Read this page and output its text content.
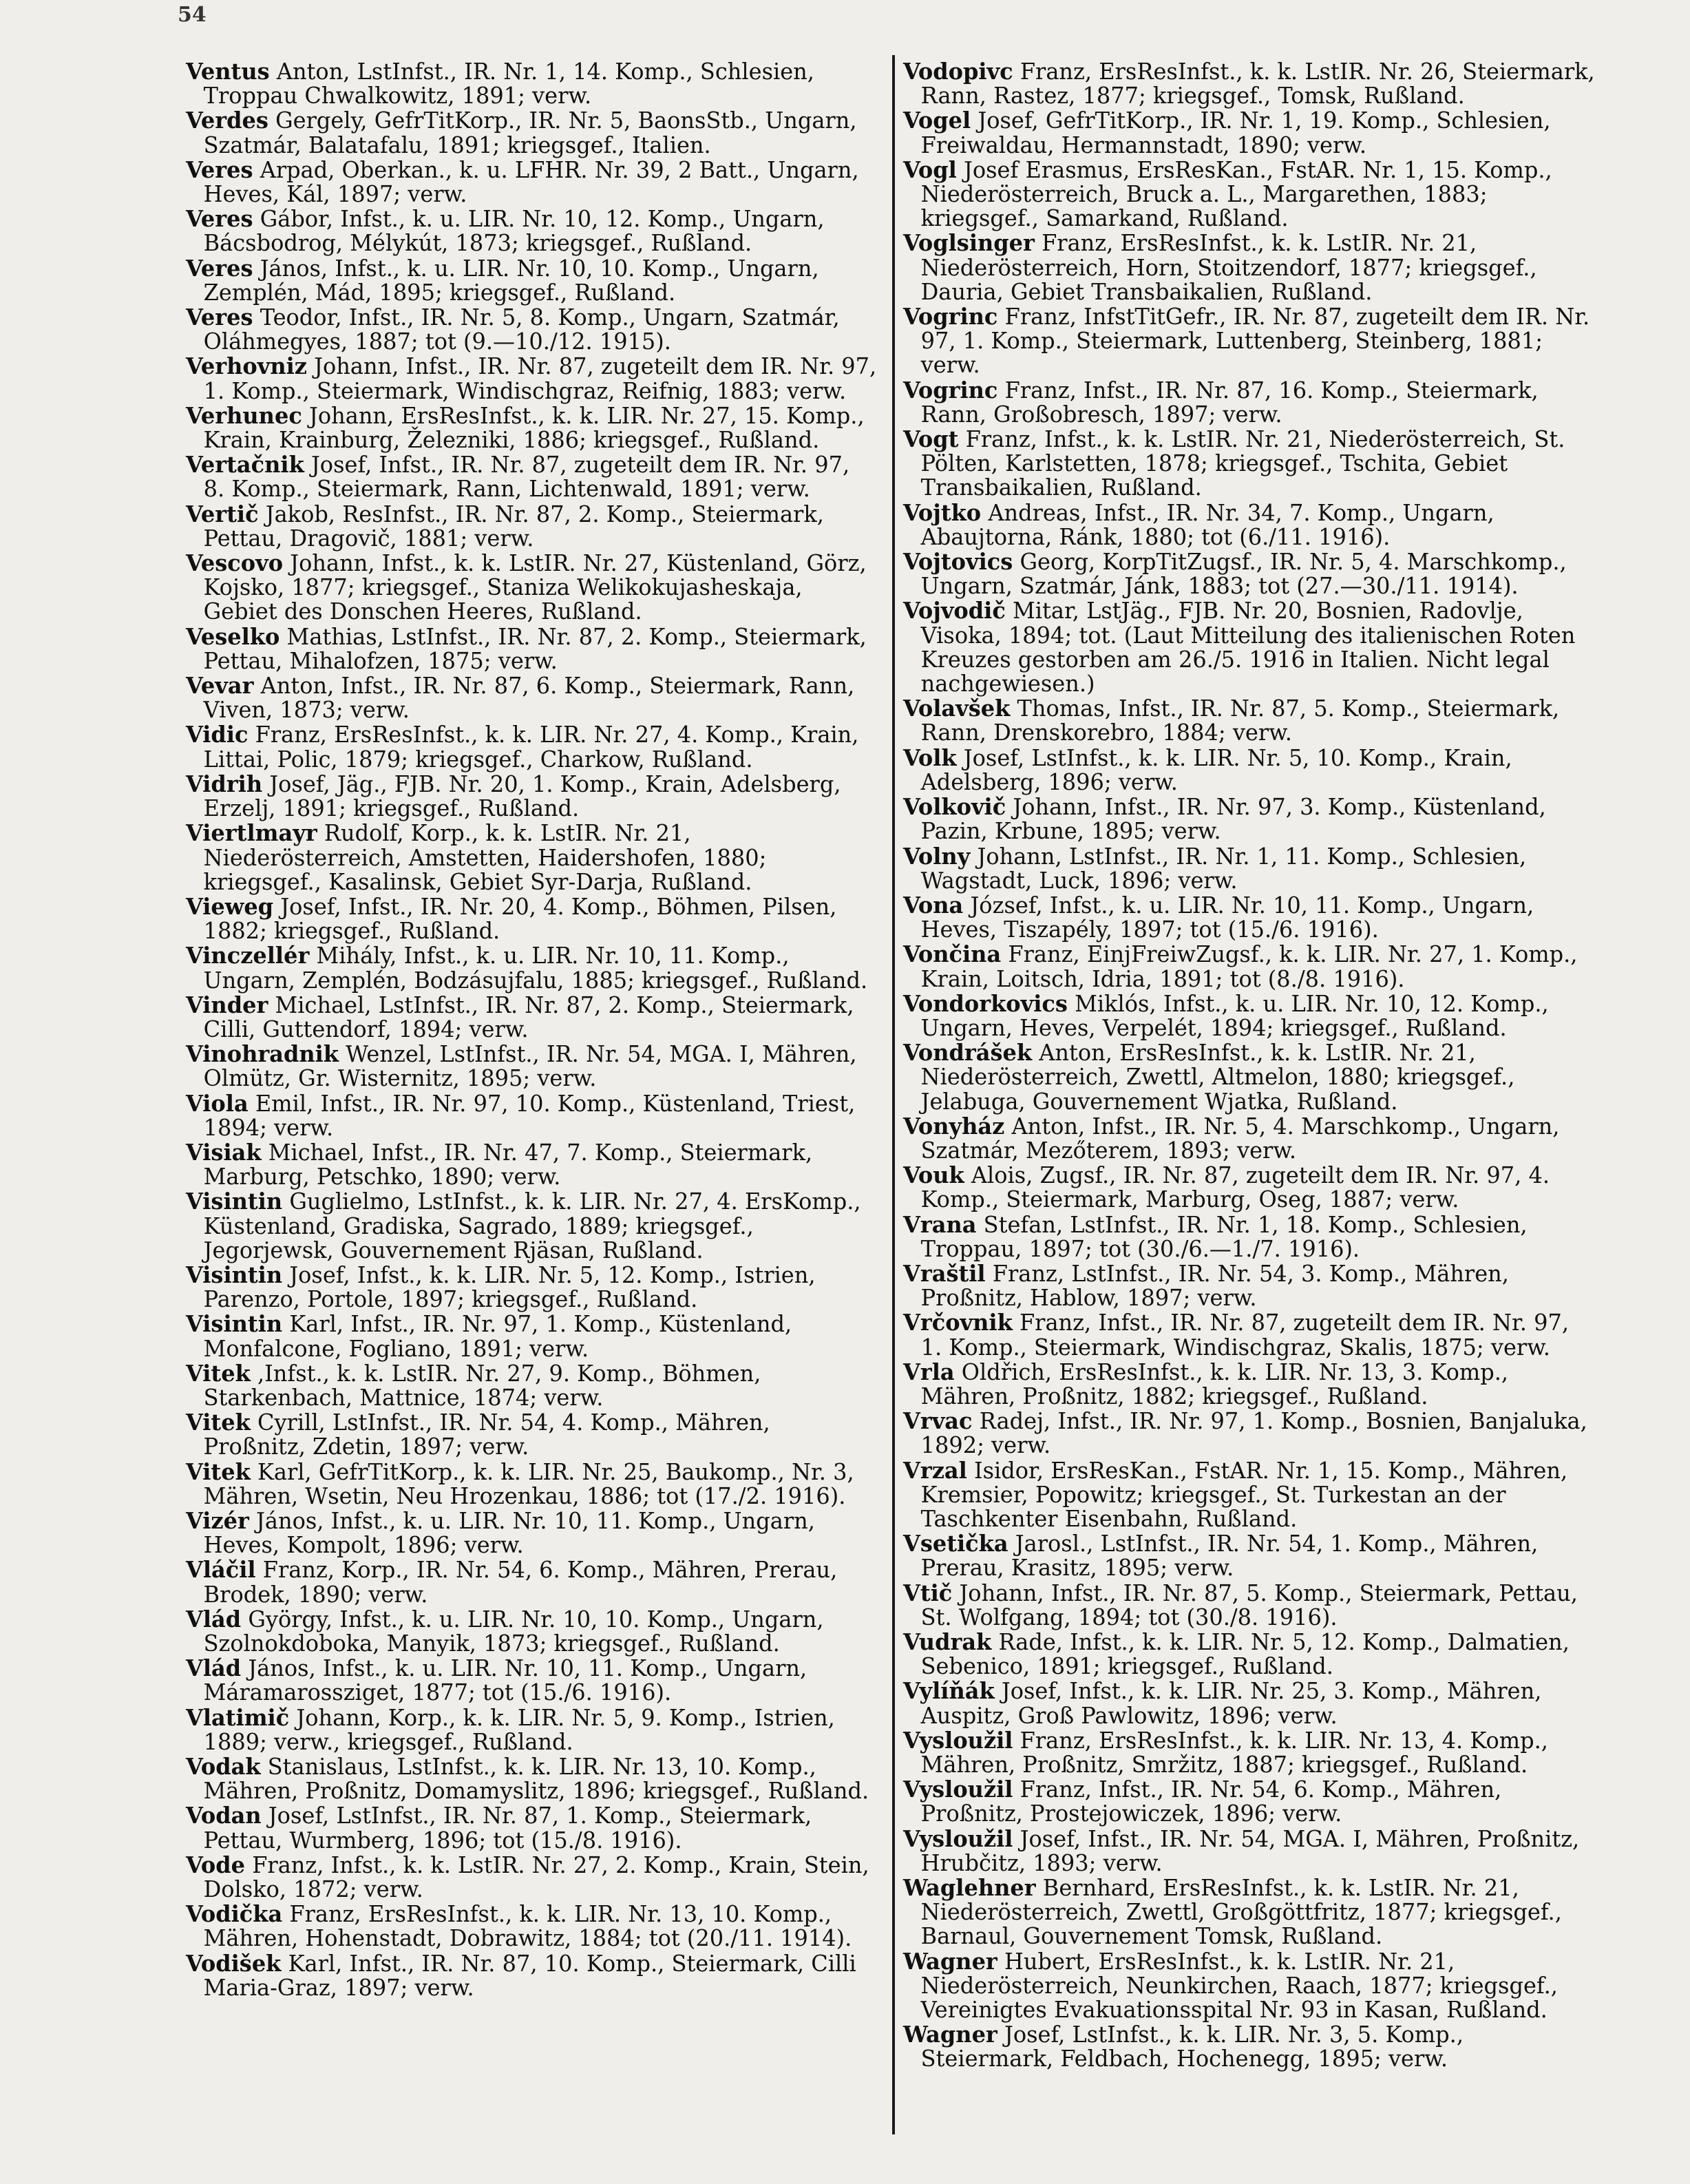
54

Ventus Anton, LstInfst., IR. Nr. 1, 14. Komp., Schlesien, Troppau Chwalkowitz, 1891; verw.

Verdes Gergely, GefrTitKorp., IR. Nr. 5, BaonsStb., Ungarn, Szatmár, Balatafalu, 1891; kriegsgef., Italien.

Veres Arpad, Oberkan., k. u. LFHR. Nr. 39, 2 Batt., Ungarn, Heves, Kál, 1897; verw.

Veres Gábor, Infst., k. u. LIR. Nr. 10, 12. Komp., Ungarn, Bácsbodrog, Mélykút, 1873; kriegsgef., Rußland.

Veres János, Infst., k. u. LIR. Nr. 10, 10. Komp., Ungarn, Zemplén, Mád, 1895; kriegsgef., Rußland.

Veres Teodor, Infst., IR. Nr. 5, 8. Komp., Ungarn, Szatmár, Oláhmegyes, 1887; tot (9.—10./12. 1915).

Verhovniz Johann, Infst., IR. Nr. 87, zugeteilt dem IR. Nr. 97, 1. Komp., Steiermark, Windischgraz, Reifnig, 1883; verw.

Verhunec Johann, ErsResInfst., k. k. LIR. Nr. 27, 15. Komp., Krain, Krainburg, Železniki, 1886; kriegsgef., Rußland.

Vertačnik Josef, Infst., IR. Nr. 87, zugeteilt dem IR. Nr. 97, 8. Komp., Steiermark, Rann, Lichtenwald, 1891; verw.

Vertič Jakob, ResInfst., IR. Nr. 87, 2. Komp., Steiermark, Pettau, Dragovič, 1881; verw.

Vescovo Johann, Infst., k. k. LstIR. Nr. 27, Küstenland, Görz, Kojsko, 1877; kriegsgef., Staniza Welikokujasheskaja, Gebiet des Donschen Heeres, Rußland.

Veselko Mathias, LstInfst., IR. Nr. 87, 2. Komp., Steiermark, Pettau, Mihalofzen, 1875; verw.

Vevar Anton, Infst., IR. Nr. 87, 6. Komp., Steiermark, Rann, Viven, 1873; verw.

Vidic Franz, ErsResInfst., k. k. LIR. Nr. 27, 4. Komp., Krain, Littai, Polic, 1879; kriegsgef., Charkow, Rußland.

Vidrih Josef, Jäg., FJB. Nr. 20, 1. Komp., Krain, Adelsberg, Erzelj, 1891; kriegsgef., Rußland.

Viertlmayr Rudolf, Korp., k. k. LstIR. Nr. 21, Niederösterreich, Amstetten, Haidershofen, 1880; kriegsgef., Kasalinsk, Gebiet Syr-Darja, Rußland.

Vieweg Josef, Infst., IR. Nr. 20, 4. Komp., Böhmen, Pilsen, 1882; kriegsgef., Rußland.

Vinczellér Mihály, Infst., k. u. LIR. Nr. 10, 11. Komp., Ungarn, Zemplén, Bodzásujfalu, 1885; kriegsgef., Rußland.

Vinder Michael, LstInfst., IR. Nr. 87, 2. Komp., Steiermark, Cilli, Guttendorf, 1894; verw.

Vinohradnik Wenzel, LstInfst., IR. Nr. 54, MGA. I, Mähren, Olmütz, Gr. Wisternitz, 1895; verw.

Viola Emil, Infst., IR. Nr. 97, 10. Komp., Küstenland, Triest, 1894; verw.

Visiak Michael, Infst., IR. Nr. 47, 7. Komp., Steiermark, Marburg, Petschko, 1890; verw.

Visintin Guglielmo, LstInfst., k. k. LIR. Nr. 27, 4. ErsKomp., Küstenland, Gradiska, Sagrado, 1889; kriegsgef., Jegorjewsk, Gouvernement Rjäsan, Rußland.

Visintin Josef, Infst., k. k. LIR. Nr. 5, 12. Komp., Istrien, Parenzo, Portole, 1897; kriegsgef., Rußland.

Visintin Karl, Infst., IR. Nr. 97, 1. Komp., Küstenland, Monfalcone, Fogliano, 1891; verw.

Vitek ,Infst., k. k. LstIR. Nr. 27, 9. Komp., Böhmen, Starkenbach, Mattnice, 1874; verw.

Vitek Cyrill, LstInfst., IR. Nr. 54, 4. Komp., Mähren, Proßnitz, Zdetin, 1897; verw.

Vitek Karl, GefrTitKorp., k. k. LIR. Nr. 25, Baukomp., Nr. 3, Mähren, Wsetin, Neu Hrozenkau, 1886; tot (17./2. 1916).

Vizér János, Infst., k. u. LIR. Nr. 10, 11. Komp., Ungarn, Heves, Kompolt, 1896; verw.

Vláčil Franz, Korp., IR. Nr. 54, 6. Komp., Mähren, Prerau, Brodek, 1890; verw.

Vlád György, Infst., k. u. LIR. Nr. 10, 10. Komp., Ungarn, Szolnokdoboka, Manyik, 1873; kriegsgef., Rußland.

Vlád János, Infst., k. u. LIR. Nr. 10, 11. Komp., Ungarn, Máramarossziget, 1877; tot (15./6. 1916).

Vlatimič Johann, Korp., k. k. LIR. Nr. 5, 9. Komp., Istrien, 1889; verw., kriegsgef., Rußland.

Vodak Stanislaus, LstInfst., k. k. LIR. Nr. 13, 10. Komp., Mähren, Proßnitz, Domamyslitz, 1896; kriegsgef., Rußland.

Vodan Josef, LstInfst., IR. Nr. 87, 1. Komp., Steiermark, Pettau, Wurmberg, 1896; tot (15./8. 1916).

Vode Franz, Infst., k. k. LstIR. Nr. 27, 2. Komp., Krain, Stein, Dolsko, 1872; verw.

Vodička Franz, ErsResInfst., k. k. LIR. Nr. 13, 10. Komp., Mähren, Hohenstadt, Dobrawitz, 1884; tot (20./11. 1914).

Vodišek Karl, Infst., IR. Nr. 87, 10. Komp., Steiermark, Cilli Maria-Graz, 1897; verw.

Vodopivc Franz, ErsResInfst., k. k. LstIR. Nr. 26, Steiermark, Rann, Rastez, 1877; kriegsgef., Tomsk, Rußland.

Vogel Josef, GefrTitKorp., IR. Nr. 1, 19. Komp., Schlesien, Freiwaldau, Hermannstadt, 1890; verw.

Vogl Josef Erasmus, ErsResKan., FstAR. Nr. 1, 15. Komp., Niederösterreich, Bruck a. L., Margarethen, 1883; kriegsgef., Samarkand, Rußland.

Voglsinger Franz, ErsResInfst., k. k. LstIR. Nr. 21, Niederösterreich, Horn, Stoitzendorf, 1877; kriegsgef., Dauria, Gebiet Transbaikalien, Rußland.

Vogrinc Franz, InfstTitGefr., IR. Nr. 87, zugeteilt dem IR. Nr. 97, 1. Komp., Steiermark, Luttenberg, Steinberg, 1881; verw.

Vogrinc Franz, Infst., IR. Nr. 87, 16. Komp., Steiermark, Rann, Großobresch, 1897; verw.

Vogt Franz, Infst., k. k. LstIR. Nr. 21, Niederösterreich, St. Pölten, Karlstetten, 1878; kriegsgef., Tschita, Gebiet Transbaikalien, Rußland.

Vojtko Andreas, Infst., IR. Nr. 34, 7. Komp., Ungarn, Abaujtorna, Ránk, 1880; tot (6./11. 1916).

Vojtovics Georg, KorpTitZugsf., IR. Nr. 5, 4. Marschkomp., Ungarn, Szatmár, Jánk, 1883; tot (27.—30./11. 1914).

Vojvodič Mitar, LstJäg., FJB. Nr. 20, Bosnien, Radovlje, Visoka, 1894; tot. (Laut Mitteilung des italienischen Roten Kreuzes gestorben am 26./5. 1916 in Italien. Nicht legal nachgewiesen.)

Volavšek Thomas, Infst., IR. Nr. 87, 5. Komp., Steiermark, Rann, Drenskorebro, 1884; verw.

Volk Josef, LstInfst., k. k. LIR. Nr. 5, 10. Komp., Krain, Adelsberg, 1896; verw.

Volkovič Johann, Infst., IR. Nr. 97, 3. Komp., Küstenland, Pazin, Krbune, 1895; verw.

Volny Johann, LstInfst., IR. Nr. 1, 11. Komp., Schlesien, Wagstadt, Luck, 1896; verw.

Vona József, Infst., k. u. LIR. Nr. 10, 11. Komp., Ungarn, Heves, Tiszapély, 1897; tot (15./6. 1916).

Vončina Franz, EinjFreiwZugsf., k. k. LIR. Nr. 27, 1. Komp., Krain, Loitsch, Idria, 1891; tot (8./8. 1916).

Vondorkovics Miklós, Infst., k. u. LIR. Nr. 10, 12. Komp., Ungarn, Heves, Verpelét, 1894; kriegsgef., Rußland.

Vondrášek Anton, ErsResInfst., k. k. LstIR. Nr. 21, Niederösterreich, Zwettl, Altmelon, 1880; kriegsgef., Jelabuga, Gouvernement Wjatka, Rußland.

Vonyház Anton, Infst., IR. Nr. 5, 4. Marschkomp., Ungarn, Szatmár, Mezőterem, 1893; verw.

Vouk Alois, Zugsf., IR. Nr. 87, zugeteilt dem IR. Nr. 97, 4. Komp., Steiermark, Marburg, Oseg, 1887; verw.

Vrana Stefan, LstInfst., IR. Nr. 1, 18. Komp., Schlesien, Troppau, 1897; tot (30./6.—1./7. 1916).

Vraštil Franz, LstInfst., IR. Nr. 54, 3. Komp., Mähren, Proßnitz, Hablow, 1897; verw.

Vrčovnik Franz, Infst., IR. Nr. 87, zugeteilt dem IR. Nr. 97, 1. Komp., Steiermark, Windischgraz, Skalis, 1875; verw.

Vrla Oldřich, ErsResInfst., k. k. LIR. Nr. 13, 3. Komp., Mähren, Proßnitz, 1882; kriegsgef., Rußland.

Vrvac Radej, Infst., IR. Nr. 97, 1. Komp., Bosnien, Banjaluka, 1892; verw.

Vrzal Isidor, ErsResKan., FstAR. Nr. 1, 15. Komp., Mähren, Kremsier, Popowitz; kriegsgef., St. Turkestan an der Taschkenter Eisenbahn, Rußland.

Vsetička Jarosl., LstInfst., IR. Nr. 54, 1. Komp., Mähren, Prerau, Krasitz, 1895; verw.

Vtič Johann, Infst., IR. Nr. 87, 5. Komp., Steiermark, Pettau, St. Wolfgang, 1894; tot (30./8. 1916).

Vudrak Rade, Infst., k. k. LIR. Nr. 5, 12. Komp., Dalmatien, Sebenico, 1891; kriegsgef., Rußland.

Vylíňák Josef, Infst., k. k. LIR. Nr. 25, 3. Komp., Mähren, Auspitz, Groß Pawlowitz, 1896; verw.

Vysloužil Franz, ErsResInfst., k. k. LIR. Nr. 13, 4. Komp., Mähren, Proßnitz, Smržitz, 1887; kriegsgef., Rußland.

Vysloužil Franz, Infst., IR. Nr. 54, 6. Komp., Mähren, Proßnitz, Prostejowiczek, 1896; verw.

Vysloužil Josef, Infst., IR. Nr. 54, MGA. I, Mähren, Proßnitz, Hrubčitz, 1893; verw.

Waglehner Bernhard, ErsResInfst., k. k. LstIR. Nr. 21, Niederösterreich, Zwettl, Großgöttfritz, 1877; kriegsgef., Barnaul, Gouvernement Tomsk, Rußland.

Wagner Hubert, ErsResInfst., k. k. LstIR. Nr. 21, Niederösterreich, Neunkirchen, Raach, 1877; kriegsgef., Vereinigtes Evakuationsspital Nr. 93 in Kasan, Rußland.

Wagner Josef, LstInfst., k. k. LIR. Nr. 3, 5. Komp., Steiermark, Feldbach, Hochenegg, 1895; verw.
